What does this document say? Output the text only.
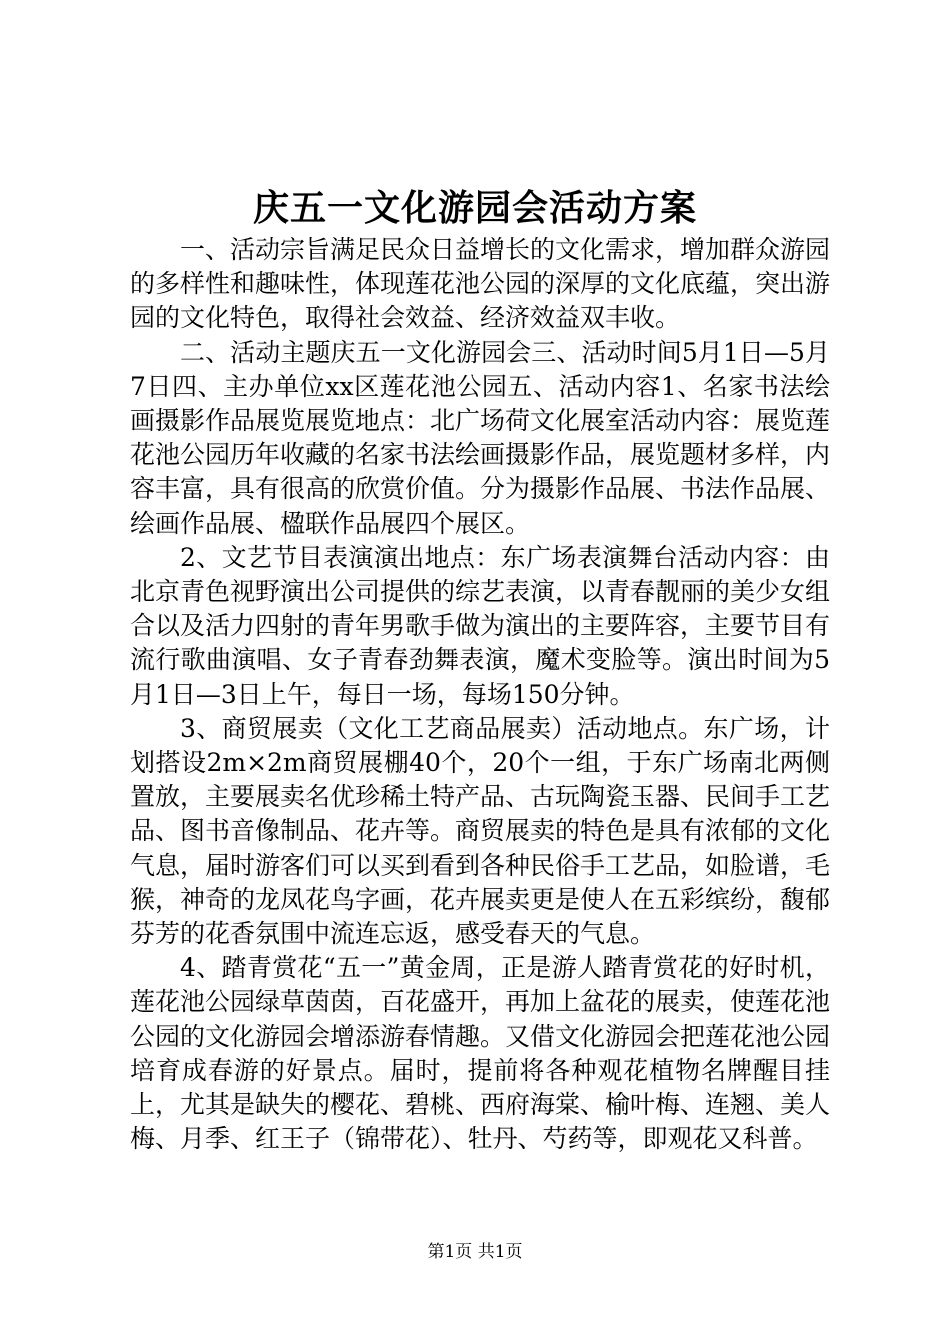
庆五一文化游园会活动方案

一、活动宗旨满足民众日益增长的文化需求，增加群众游园的多样性和趣味性，体现莲花池公园的深厚的文化底蕴，突出游园的文化特色，取得社会效益、经济效益双丰收。

二、活动主题庆五一文化游园会三、活动时间5月1日—5月7日四、主办单位xx区莲花池公园五、活动内容1、名家书法绘画摄影作品展览展览地点：北广场荷文化展室活动内容：展览莲花池公园历年收藏的名家书法绘画摄影作品，展览题材多样，内容丰富，具有很高的欣赏价值。分为摄影作品展、书法作品展、绘画作品展、楹联作品展四个展区。

2、文艺节目表演演出地点：东广场表演舞台活动内容：由北京青色视野演出公司提供的综艺表演，以青春靓丽的美少女组合以及活力四射的青年男歌手做为演出的主要阵容，主要节目有流行歌曲演唱、女子青春劲舞表演，魔术变脸等。演出时间为5月1日—3日上午，每日一场，每场150分钟。

3、商贸展卖（文化工艺商品展卖）活动地点。东广场，计划搭设2m×2m商贸展棚40个，20个一组，于东广场南北两侧置放，主要展卖名优珍稀土特产品、古玩陶瓷玉器、民间手工艺品、图书音像制品、花卉等。商贸展卖的特色是具有浓郁的文化气息，届时游客们可以买到看到各种民俗手工艺品，如脸谱，毛猴，神奇的龙凤花鸟字画，花卉展卖更是使人在五彩缤纷，馥郁芬芳的花香氛围中流连忘返，感受春天的气息。

4、踏青赏花“五一”黄金周，正是游人踏青赏花的好时机，莲花池公园绿草茵茵，百花盛开，再加上盆花的展卖，使莲花池公园的文化游园会增添游春情趣。又借文化游园会把莲花池公园培育成春游的好景点。届时，提前将各种观花植物名牌醒目挂上，尤其是缺失的樱花、碧桃、西府海棠、榆叶梅、连翘、美人梅、月季、红王子（锦带花）、牡丹、芍药等，即观花又科普。

第1页 共1页
